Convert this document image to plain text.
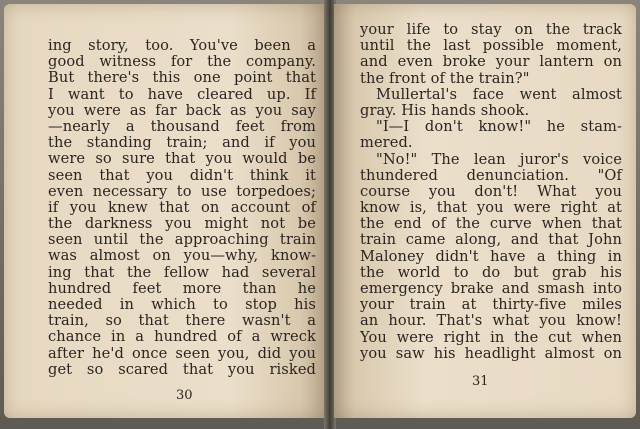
ing story, too. You've been a
good witness for the company.
But there's this one point that
I want to have cleared up. If
you were as far back as you say
—nearly a thousand feet from
the standing train; and if you
were so sure that you would be
seen that you didn't think it
even necessary to use torpedoes;
if you knew that on account of
the darkness you might not be
seen until the approaching train
was almost on you—why, know-
ing that the fellow had several
hundred feet more than he
needed in which to stop his
train, so that there wasn't a
chance in a hundred of a wreck
after he'd once seen you, did you
get so scared that you risked
30
your life to stay on the track
until the last possible moment,
and even broke your lantern on
the front of the train?"
Mullertal's face went almost
gray. His hands shook.
"I—I don't know!" he stam-
mered.
"No!" The lean juror's voice
thundered denunciation. "Of
course you don't! What you
know is, that you were right at
the end of the curve when that
train came along, and that John
Maloney didn't have a thing in
the world to do but grab his
emergency brake and smash into
your train at thirty-five miles
an hour. That's what you know!
You were right in the cut when
you saw his headlight almost on
31
